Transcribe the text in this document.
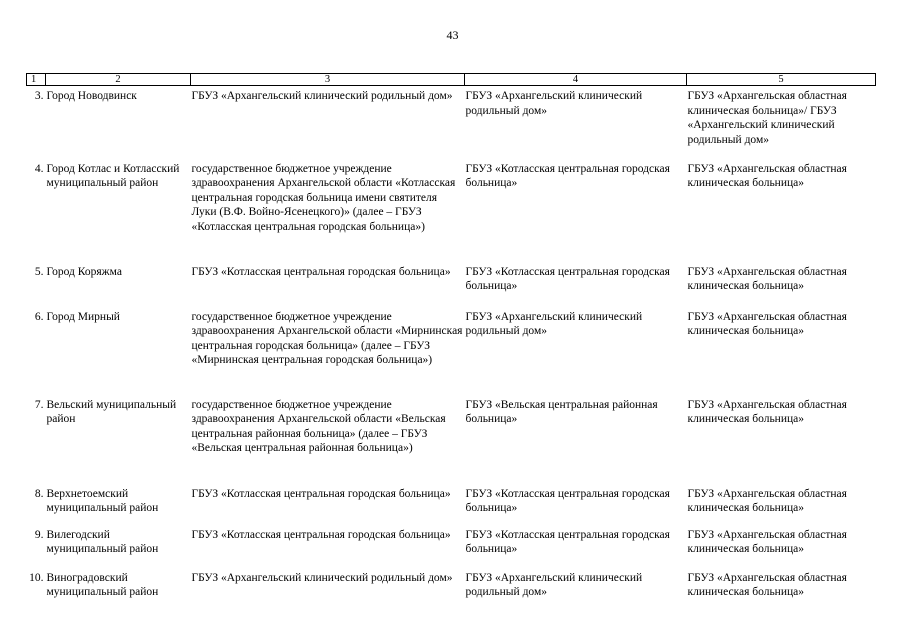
43
1	2	3	4	5
3.	Город Новодвинск	ГБУЗ «Архангельский клинический родильный дом»	ГБУЗ «Архангельский клинический родильный дом»	ГБУЗ «Архангельская областная клиническая больница»/ ГБУЗ «Архангельский клинический родильный дом»
4.	Город Котлас и Котласский муниципальный район	государственное бюджетное учреждение здравоохранения Архангельской области «Котласская центральная городская больница имени святителя Луки (В.Ф. Войно-Ясенецкого)» (далее – ГБУЗ «Котласская центральная городская больница»)	ГБУЗ «Котласская центральная городская больница»	ГБУЗ «Архангельская областная клиническая больница»
5.	Город Коряжма	ГБУЗ «Котласская центральная городская больница»	ГБУЗ «Котласская центральная городская больница»	ГБУЗ «Архангельская областная клиническая больница»
6.	Город Мирный	государственное бюджетное учреждение здравоохранения Архангельской области «Мирнинская центральная городская больница» (далее – ГБУЗ «Мирнинская центральная городская больница»)	ГБУЗ «Архангельский клинический родильный дом»	ГБУЗ «Архангельская областная клиническая больница»
7.	Вельский муниципальный район	государственное бюджетное учреждение здравоохранения Архангельской области «Вельская центральная районная больница» (далее – ГБУЗ «Вельская центральная районная больница»)	ГБУЗ «Вельская центральная районная больница»	ГБУЗ «Архангельская областная клиническая больница»
8.	Верхнетоемский муниципальный район	ГБУЗ «Котласская центральная городская больница»	ГБУЗ «Котласская центральная городская больница»	ГБУЗ «Архангельская областная клиническая больница»
9.	Вилегодский муниципальный район	ГБУЗ «Котласская центральная городская больница»	ГБУЗ «Котласская центральная городская больница»	ГБУЗ «Архангельская областная клиническая больница»
10.	Виноградовский муниципальный район	ГБУЗ «Архангельский клинический родильный дом»	ГБУЗ «Архангельский клинический родильный дом»	ГБУЗ «Архангельская областная клиническая больница»
